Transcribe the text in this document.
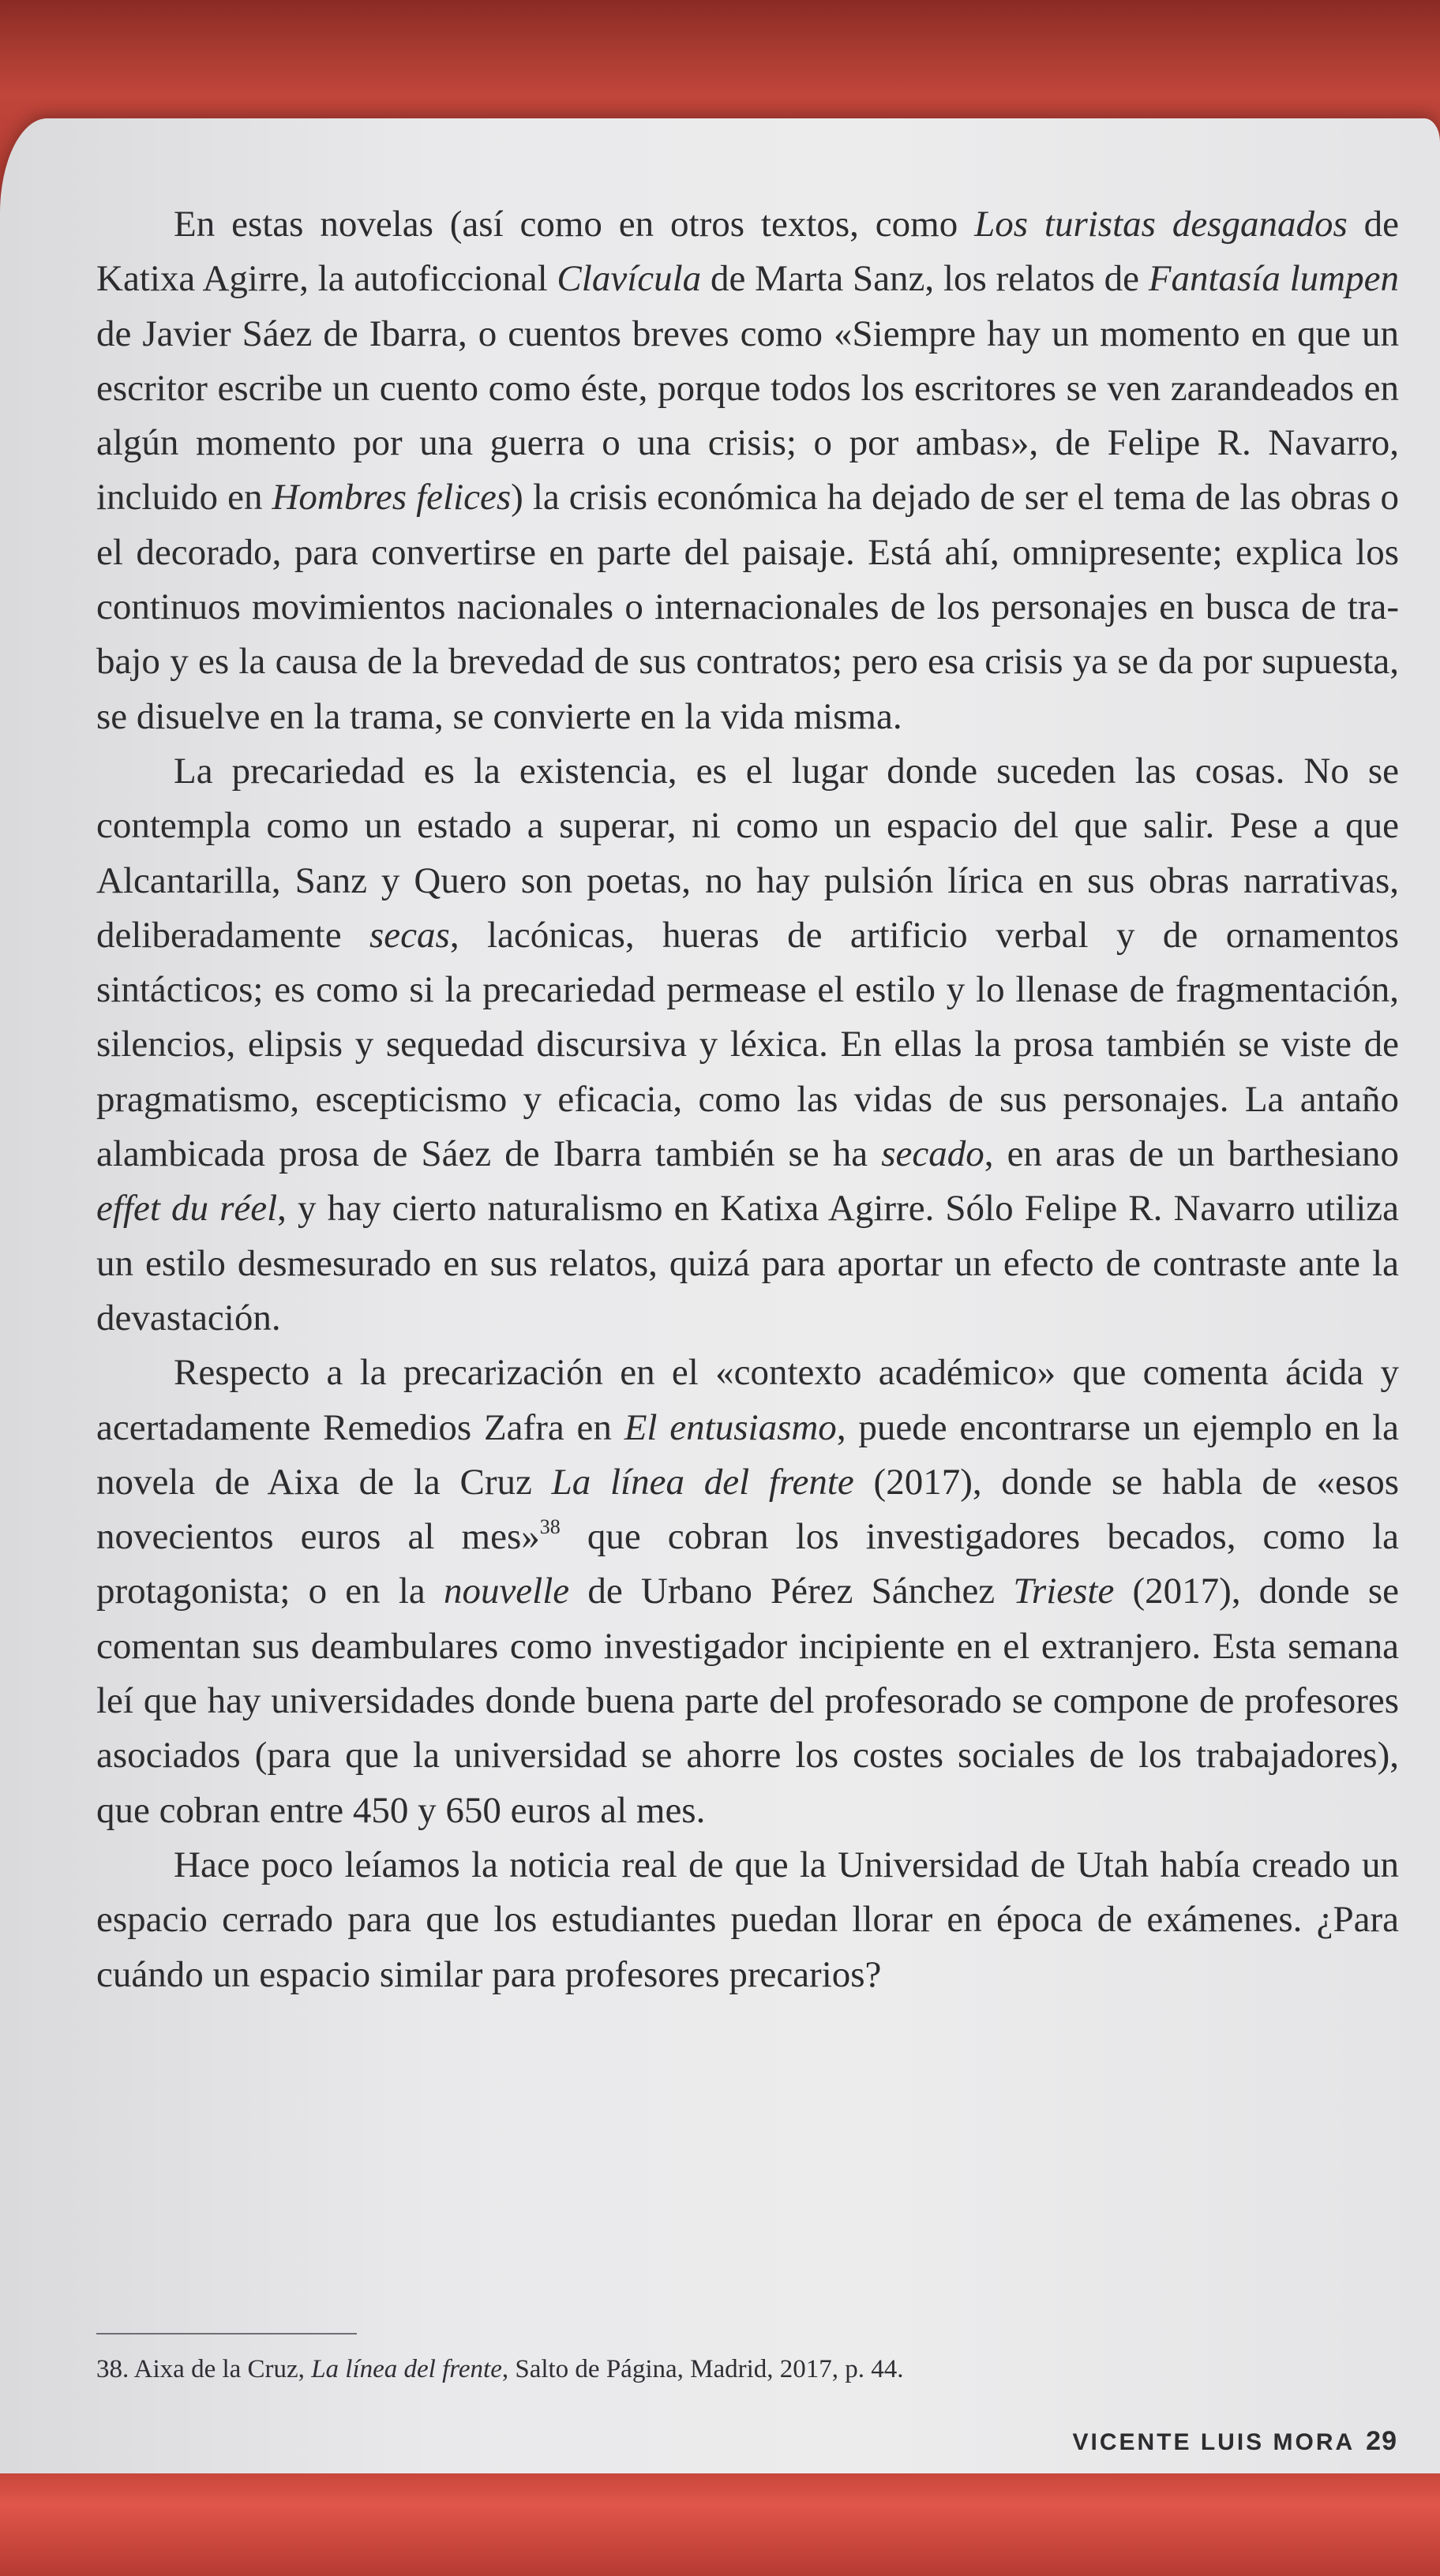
En estas novelas (así como en otros textos, como Los turistas desganados de Katixa Agirre, la autoficcional Clavícula de Marta Sanz, los relatos de Fantasía lumpen de Javier Sáez de Ibarra, o cuentos breves como «Siempre hay un momento en que un escritor escribe un cuento como éste, porque todos los escritores se ven zarandeados en algún momento por una guerra o una crisis; o por ambas», de Felipe R. Navarro, incluido en Hombres felices) la crisis económica ha dejado de ser el tema de las obras o el decorado, para convertirse en parte del paisaje. Está ahí, omnipresente; explica los continuos movimientos nacionales o internacionales de los personajes en busca de trabajo y es la causa de la brevedad de sus contratos; pero esa crisis ya se da por supuesta, se disuelve en la trama, se convierte en la vida misma.

La precariedad es la existencia, es el lugar donde suceden las cosas. No se contempla como un estado a superar, ni como un espacio del que salir. Pese a que Alcantarilla, Sanz y Quero son poetas, no hay pulsión lírica en sus obras narrativas, deliberadamente secas, lacónicas, hueras de artificio verbal y de ornamentos sintácticos; es como si la precariedad permease el estilo y lo llenase de fragmentación, silencios, elipsis y sequedad discursiva y léxica. En ellas la prosa también se viste de pragmatismo, escepticismo y eficacia, como las vidas de sus personajes. La antaño alambicada prosa de Sáez de Ibarra también se ha secado, en aras de un barthesiano effet du réel, y hay cierto naturalismo en Katixa Agirre. Sólo Felipe R. Navarro utiliza un estilo desmesurado en sus relatos, quizá para aportar un efecto de contraste ante la devastación.

Respecto a la precarización en el «contexto académico» que comenta ácida y acertadamente Remedios Zafra en El entusiasmo, puede encontrarse un ejemplo en la novela de Aixa de la Cruz La línea del frente (2017), donde se habla de «esos novecientos euros al mes»$^{38}$ que cobran los investigadores becados, como la protagonista; o en la nouvelle de Urbano Pérez Sánchez Trieste (2017), donde se comentan sus deambulares como investigador incipiente en el extranjero. Esta semana leí que hay universidades donde buena parte del profesorado se compone de profesores asociados (para que la universidad se ahorre los costes sociales de los trabajadores), que cobran entre 450 y 650 euros al mes.

Hace poco leíamos la noticia real de que la Universidad de Utah había creado un espacio cerrado para que los estudiantes puedan llorar en época de exámenes. ¿Para cuándo un espacio similar para profesores precarios?

38. Aixa de la Cruz, La línea del frente, Salto de Página, Madrid, 2017, p. 44.
VICENTE LUIS MORA 29
